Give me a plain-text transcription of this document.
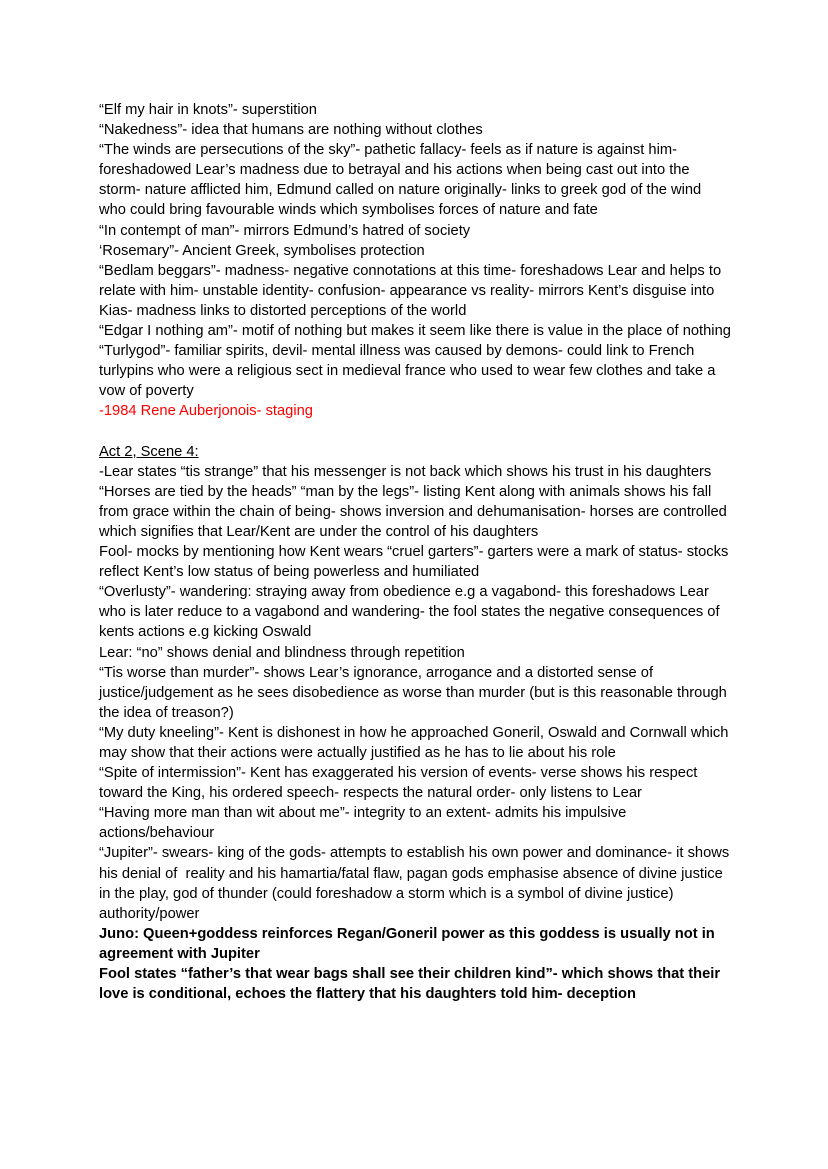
“Elf my hair in knots”- superstition

“Nakedness”- idea that humans are nothing without clothes

“The winds are persecutions of the sky”- pathetic fallacy- feels as if nature is against him- foreshadowed Lear’s madness due to betrayal and his actions when being cast out into the storm- nature afflicted him, Edmund called on nature originally- links to greek god of the wind who could bring favourable winds which symbolises forces of nature and fate

“In contempt of man”- mirrors Edmund’s hatred of society

‘Rosemary”- Ancient Greek, symbolises protection

“Bedlam beggars”- madness- negative connotations at this time- foreshadows Lear and helps to relate with him- unstable identity- confusion- appearance vs reality- mirrors Kent’s disguise into Kias- madness links to distorted perceptions of the world

“Edgar I nothing am”- motif of nothing but makes it seem like there is value in the place of nothing

“Turlygod”- familiar spirits, devil- mental illness was caused by demons- could link to French turlypins who were a religious sect in medieval france who used to wear few clothes and take a vow of poverty

-1984 Rene Auberjonois- staging

Act 2, Scene 4:

-Lear states “tis strange” that his messenger is not back which shows his trust in his daughters

“Horses are tied by the heads” “man by the legs”- listing Kent along with animals shows his fall from grace within the chain of being- shows inversion and dehumanisation- horses are controlled which signifies that Lear/Kent are under the control of his daughters

Fool- mocks by mentioning how Kent wears “cruel garters”- garters were a mark of status- stocks reflect Kent’s low status of being powerless and humiliated

“Overlusty”- wandering: straying away from obedience e.g a vagabond- this foreshadows Lear who is later reduce to a vagabond and wandering- the fool states the negative consequences of kents actions e.g kicking Oswald

Lear: “no” shows denial and blindness through repetition

“Tis worse than murder”- shows Lear’s ignorance, arrogance and a distorted sense of justice/judgement as he sees disobedience as worse than murder (but is this reasonable through the idea of treason?)

“My duty kneeling”- Kent is dishonest in how he approached Goneril, Oswald and Cornwall which may show that their actions were actually justified as he has to lie about his role

“Spite of intermission”- Kent has exaggerated his version of events- verse shows his respect toward the King, his ordered speech- respects the natural order- only listens to Lear

“Having more man than wit about me”- integrity to an extent- admits his impulsive actions/behaviour

“Jupiter”- swears- king of the gods- attempts to establish his own power and dominance- it shows his denial of  reality and his hamartia/fatal flaw, pagan gods emphasise absence of divine justice in the play, god of thunder (could foreshadow a storm which is a symbol of divine justice) authority/power

Juno: Queen+goddess reinforces Regan/Goneril power as this goddess is usually not in agreement with Jupiter

Fool states “father’s that wear bags shall see their children kind”- which shows that their love is conditional, echoes the flattery that his daughters told him- deception
